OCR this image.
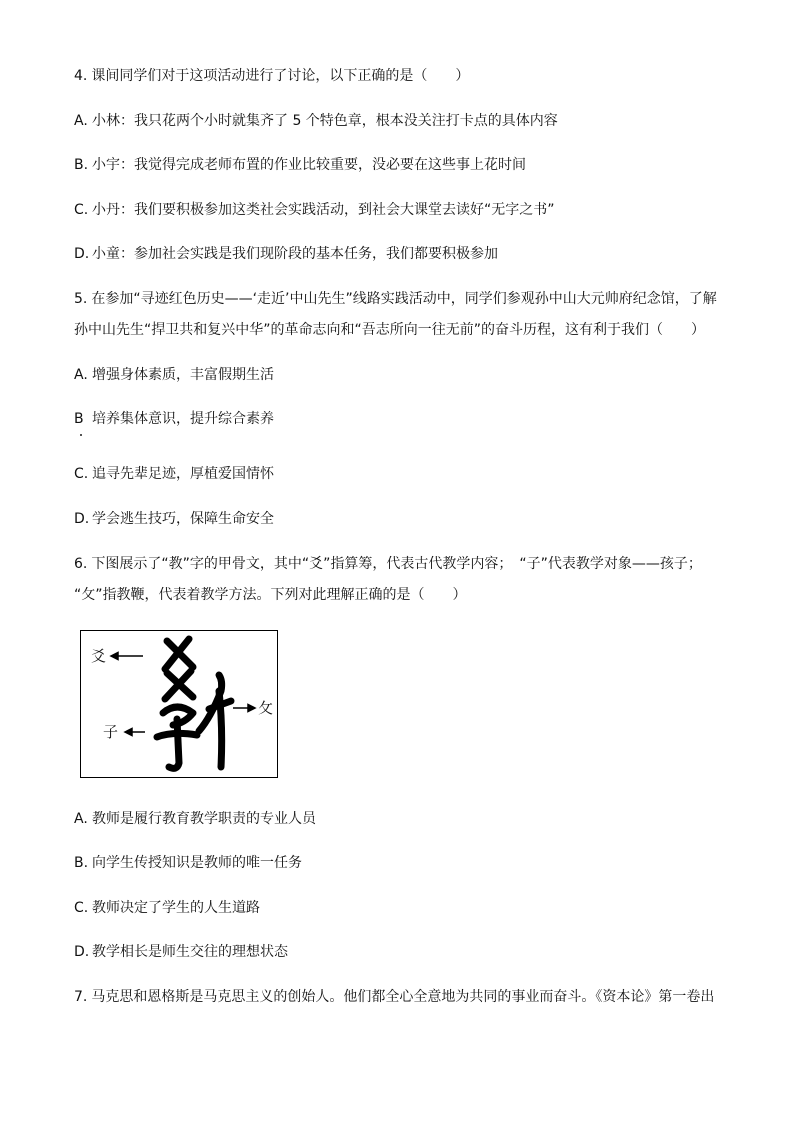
4. 课间同学们对于这项活动进行了讨论，以下正确的是（　　）
A. 小林：我只花两个小时就集齐了 5 个特色章，根本没关注打卡点的具体内容
B. 小宇：我觉得完成老师布置的作业比较重要，没必要在这些事上花时间
C. 小丹：我们要积极参加这类社会实践活动，到社会大课堂去读好“无字之书”
D. 小童：参加社会实践是我们现阶段的基本任务，我们都要积极参加
5. 在参加“寻迹红色历史——‘走近’中山先生”线路实践活动中，同学们参观孙中山大元帅府纪念馆，了解
孙中山先生“捍卫共和复兴中华”的革命志向和“吾志所向一往无前”的奋斗历程，这有利于我们（　　）
A. 增强身体素质，丰富假期生活
B 培养集体意识，提升综合素养
C. 追寻先辈足迹，厚植爱国情怀
D. 学会逃生技巧，保障生命安全
6. 下图展示了“教”字的甲骨文，其中“爻”指算筹，代表古代教学内容；　“子”代表教学对象——孩子；
“攵”指教鞭，代表着教学方法。下列对此理解正确的是（　　）
爻
子
攵
A. 教师是履行教育教学职责的专业人员
B. 向学生传授知识是教师的唯一任务
C. 教师决定了学生的人生道路
D. 教学相长是师生交往的理想状态
7. 马克思和恩格斯是马克思主义的创始人。他们都全心全意地为共同的事业而奋斗。《资本论》第一卷出
